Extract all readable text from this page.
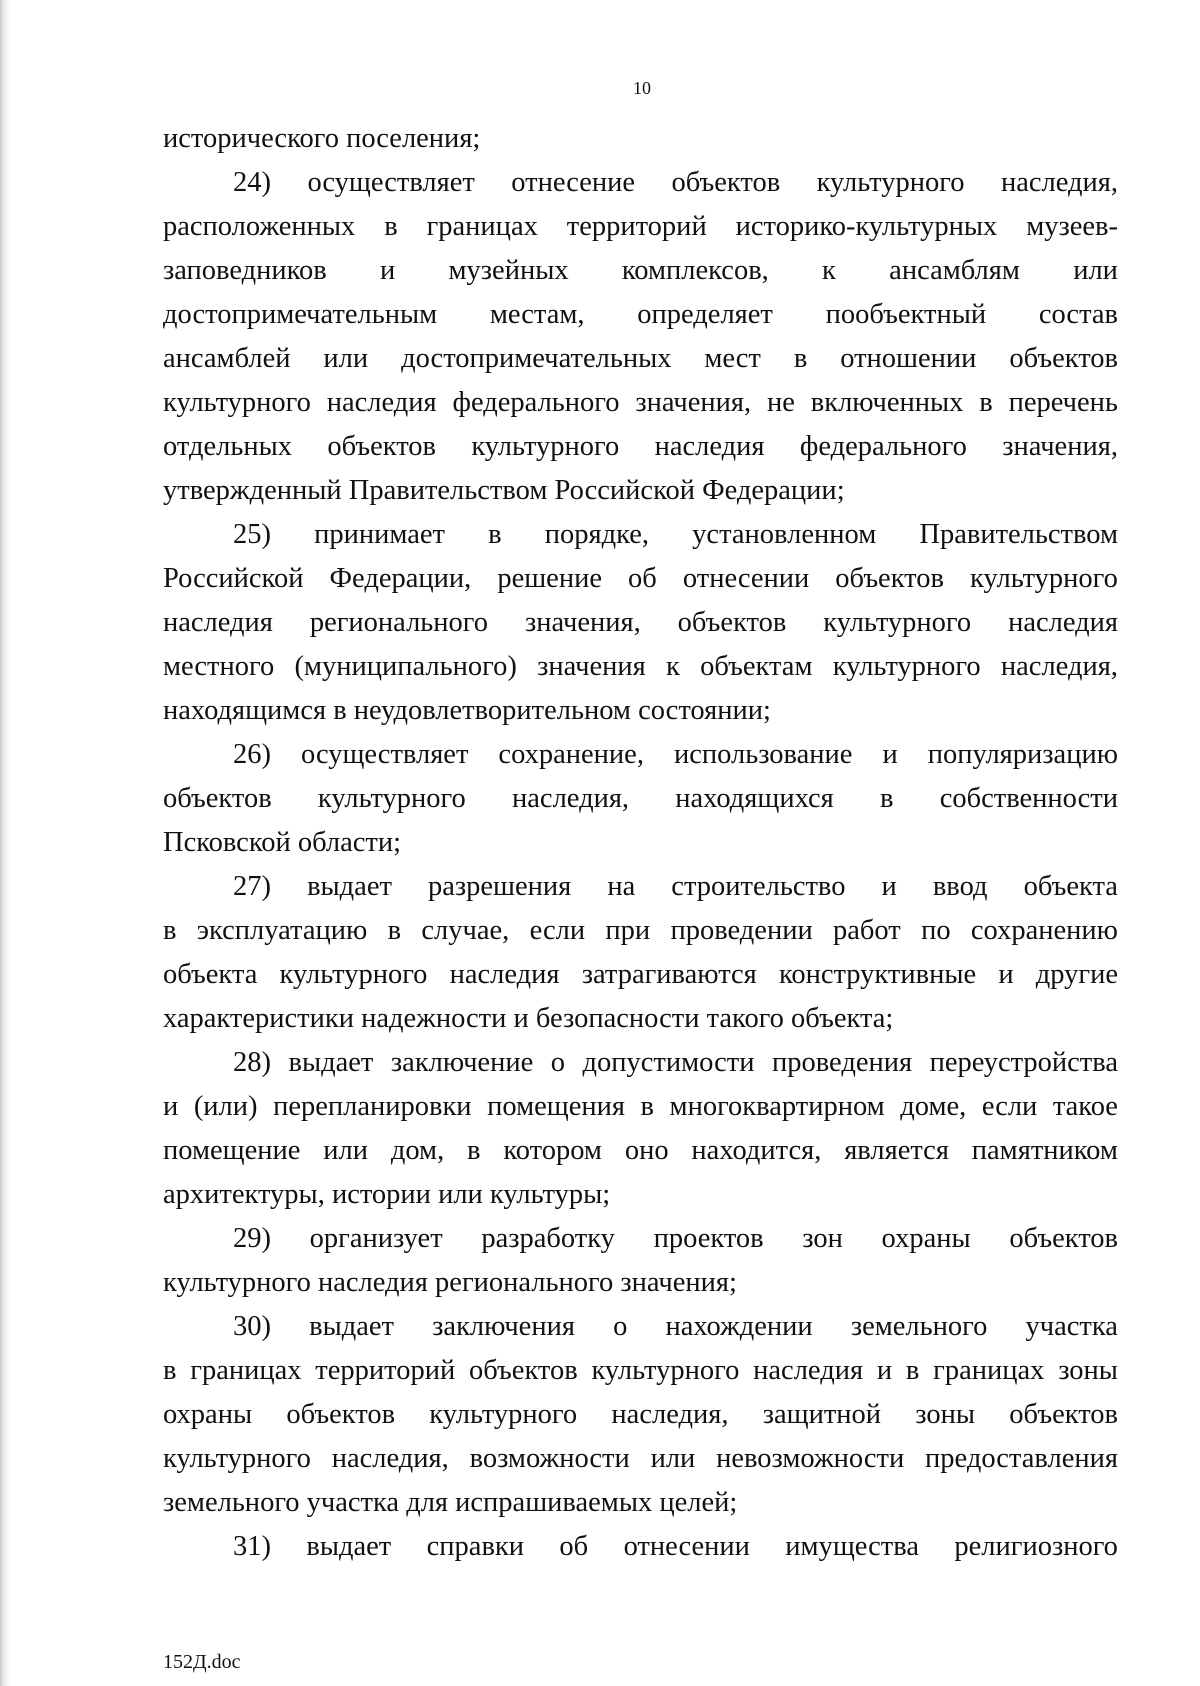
10
исторического поселения;
24) осуществляет отнесение объектов культурного наследия,
расположенных в границах территорий историко-культурных музеев-
заповедников и музейных комплексов, к ансамблям или
достопримечательным местам, определяет пообъектный состав
ансамблей или достопримечательных мест в отношении объектов
культурного наследия федерального значения, не включенных в перечень
отдельных объектов культурного наследия федерального значения,
утвержденный Правительством Российской Федерации;
25) принимает в порядке, установленном Правительством
Российской Федерации, решение об отнесении объектов культурного
наследия регионального значения, объектов культурного наследия
местного (муниципального) значения к объектам культурного наследия,
находящимся в неудовлетворительном состоянии;
26) осуществляет сохранение, использование и популяризацию
объектов культурного наследия, находящихся в собственности
Псковской области;
27) выдает разрешения на строительство и ввод объекта
в эксплуатацию в случае, если при проведении работ по сохранению
объекта культурного наследия затрагиваются конструктивные и другие
характеристики надежности и безопасности такого объекта;
28) выдает заключение о допустимости проведения переустройства
и (или) перепланировки помещения в многоквартирном доме, если такое
помещение или дом, в котором оно находится, является памятником
архитектуры, истории или культуры;
29) организует разработку проектов зон охраны объектов
культурного наследия регионального значения;
30) выдает заключения о нахождении земельного участка
в границах территорий объектов культурного наследия и в границах зоны
охраны объектов культурного наследия, защитной зоны объектов
культурного наследия, возможности или невозможности предоставления
земельного участка для испрашиваемых целей;
31) выдает справки об отнесении имущества религиозного
152Д.doc
